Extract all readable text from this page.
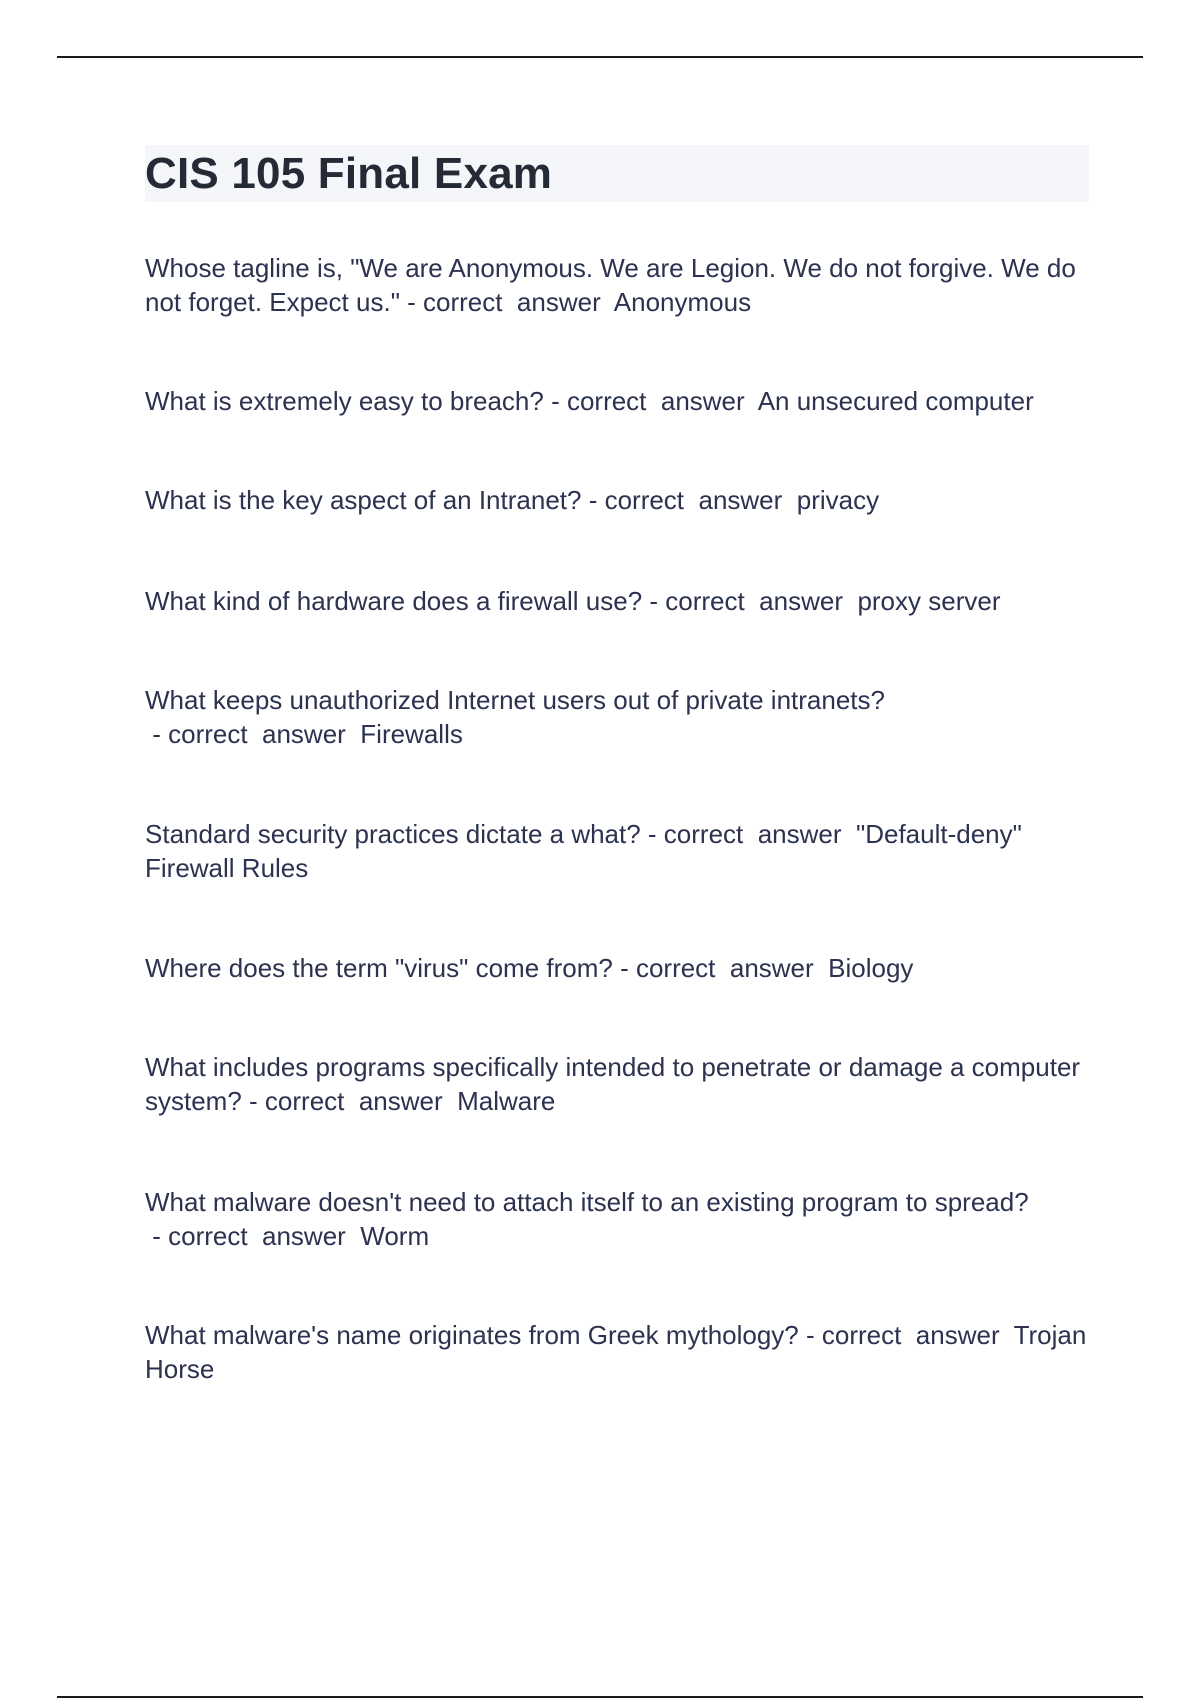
CIS 105 Final Exam

Whose tagline is, "We are Anonymous. We are Legion. We do not forgive. We do not forget. Expect us." - correct  answer  Anonymous

What is extremely easy to breach? - correct  answer  An unsecured computer

What is the key aspect of an Intranet? - correct  answer  privacy

What kind of hardware does a firewall use? - correct  answer  proxy server

What keeps unauthorized Internet users out of private intranets? - correct  answer  Firewalls

Standard security practices dictate a what? - correct  answer  "Default-deny" Firewall Rules

Where does the term "virus" come from? - correct  answer  Biology

What includes programs specifically intended to penetrate or damage a computer system? - correct  answer  Malware

What malware doesn't need to attach itself to an existing program to spread? - correct  answer  Worm

What malware's name originates from Greek mythology? - correct  answer  Trojan Horse
